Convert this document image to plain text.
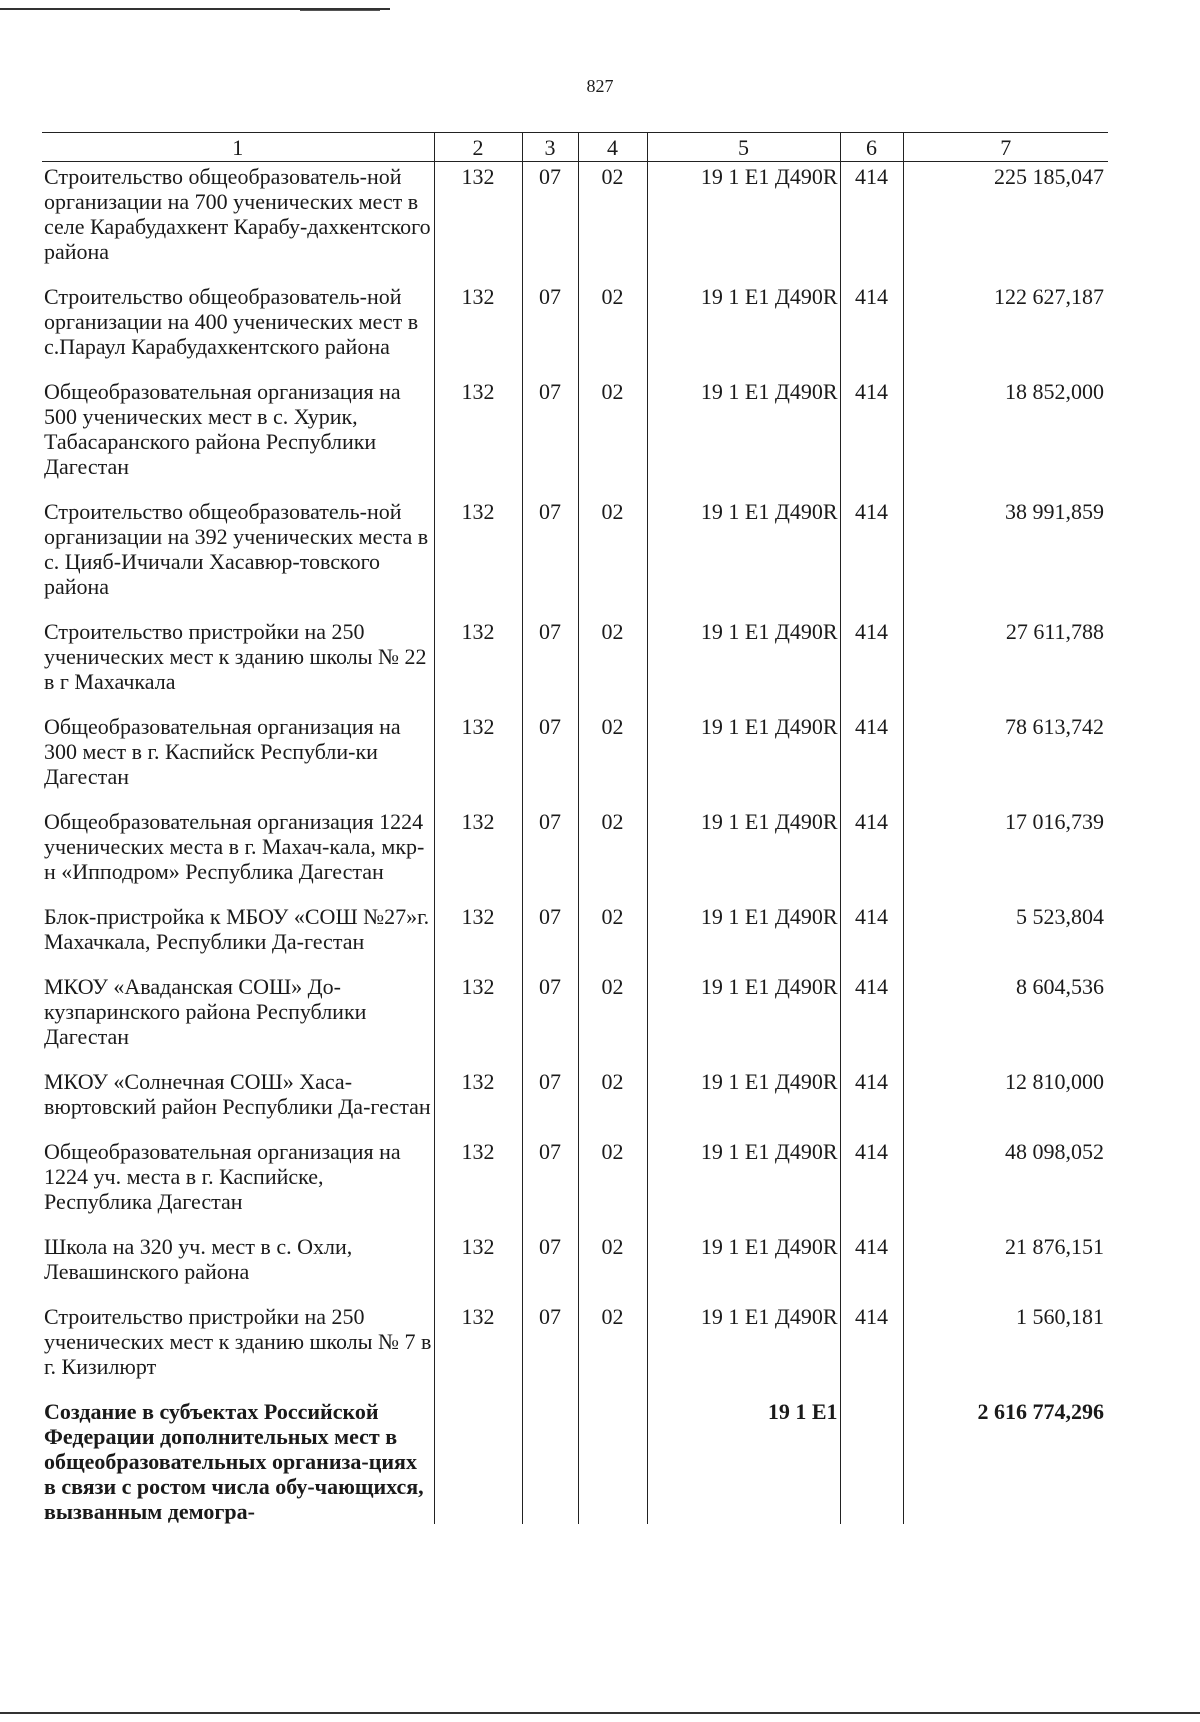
827
1	2	3	4	5	6	7
Строительство общеобразователь-ной организации на 700 ученических мест в селе Карабудахкент Карабу-дахкентского района	132	07	02	19 1 Е1 Д490R	414	225 185,047
Строительство общеобразователь-ной организации на 400 ученических мест в с.Параул Карабудахкентского района	132	07	02	19 1 Е1 Д490R	414	122 627,187
Общеобразовательная организация на 500 ученических мест в с. Хурик, Табасаранского района Республики Дагестан	132	07	02	19 1 Е1 Д490R	414	18 852,000
Строительство общеобразователь-ной организации на 392 ученических места в с. Цияб-Ичичали Хасавюр-товского района	132	07	02	19 1 Е1 Д490R	414	38 991,859
Строительство пристройки на 250 ученических мест к зданию школы № 22 в г Махачкала	132	07	02	19 1 Е1 Д490R	414	27 611,788
Общеобразовательная организация на 300 мест в г. Каспийск Республи-ки Дагестан	132	07	02	19 1 Е1 Д490R	414	78 613,742
Общеобразовательная организация 1224 ученических места в г. Махач-кала, мкр-н «Ипподром» Республика Дагестан	132	07	02	19 1 Е1 Д490R	414	17 016,739
Блок-пристройка к МБОУ «СОШ №27»г. Махачкала, Республики Да-гестан	132	07	02	19 1 Е1 Д490R	414	5 523,804
МКОУ «Аваданская СОШ» До-кузпаринского района Республики Дагестан	132	07	02	19 1 Е1 Д490R	414	8 604,536
МКОУ «Солнечная СОШ» Хаса-вюртовский район Республики Да-гестан	132	07	02	19 1 Е1 Д490R	414	12 810,000
Общеобразовательная организация на 1224 уч. места в г. Каспийске, Республика Дагестан	132	07	02	19 1 Е1 Д490R	414	48 098,052
Школа на 320 уч. мест в с. Охли, Левашинского района	132	07	02	19 1 Е1 Д490R	414	21 876,151
Строительство пристройки на 250 ученических мест к зданию школы № 7 в г. Кизилюрт	132	07	02	19 1 Е1 Д490R	414	1 560,181
Создание в субъектах Российской Федерации дополнительных мест в общеобразовательных организа-циях в связи с ростом числа обу-чающихся, вызванным демогра-				19 1 Е1		2 616 774,296
